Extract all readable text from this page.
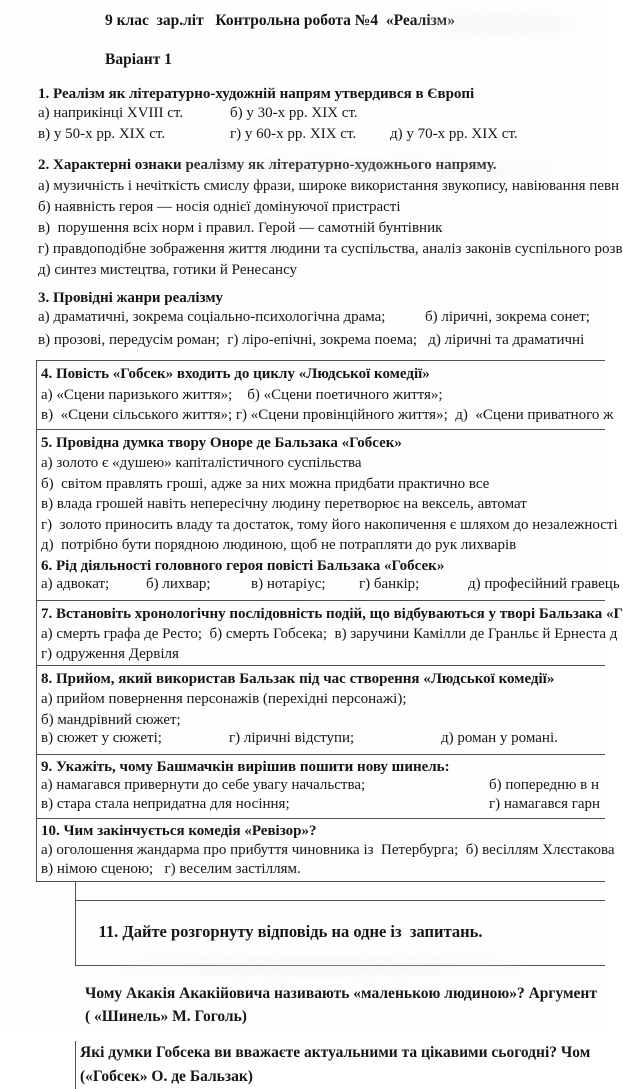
9 клас  зар.літ   Контрольна робота №4  «Реалізм»
Варіант 1
1. Реалізм як літературно-художній напрям утвердився в Європі
а) наприкінці XVIII ст.	б) у 30-х рр. XIX ст.
в) у 50-х рр. XIX ст.	г) у 60-х рр. XIX ст. д) у 70-х рр. XIX ст.
2. Характерні ознаки реалізму як літературно-художнього напряму.
а) музичність і нечіткість смислу фрази, широке використання звукопису, навіювання певн
б) наявність героя — носія однієї домінуючої пристрасті
в)  порушення всіх норм і правил. Герой — самотній бунтівник
г) правдоподібне зображення життя людини та суспільства, аналіз законів суспільного розв
д) синтез мистецтва, готики й Ренесансу
3. Провідні жанри реалізму
а) драматичні, зокрема соціально-психологічна драма;	б) ліричні, зокрема сонет;
в) прозові, передусім роман;  г) ліро-епічні, зокрема поема;   д) ліричні та драматичні
4. Повість «Гобсек» входить до циклу «Людської комедії»
а) «Сцени паризького життя»;    б) «Сцени поетичного життя»;
в)  «Сцени сільського життя»; г) «Сцени провінційного життя»;  д)  «Сцени приватного ж
5. Провідна думка твору Оноре де Бальзака «Гобсек»
а) золото є «душею» капіталістичного суспільства
б)  світом правлять гроші, адже за них можна придбати практично все
в) влада грошей навіть непересічну людину перетворює на вексель, автомат
г)  золото приносить владу та достаток, тому його накопичення є шляхом до незалежності
д)  потрібно бути порядною людиною, щоб не потрапляти до рук лихварів
6. Рід діяльності головного героя повісті Бальзака «Гобсек»
а) адвокат; б) лихвар;	в) нотаріус; г) банкір;	д) професійний гравець
7. Встановіть хронологічну послідовність подій, що відбуваються у творі Бальзака «Г
а) смерть графа де Ресто;  б) смерть Гобсека;  в) заручини Камілли де Гранльє й Ернеста д
г) одруження Дервіля
8. Прийом, який використав Бальзак під час створення «Людської комедії»
а) прийом повернення персонажів (перехідні персонажі);
б) мандрівний сюжет;
в) сюжет у сюжеті;	г) ліричні відступи;	д) роман у романі.
9. Укажіть, чому Башмачкін вирішив пошити нову шинель:
а) намагався привернути до себе увагу начальства;	б) попередню в н
в) стара стала непридатна для носіння;	г) намагався гарн
10. Чим закінчується комедія «Ревізор»?
а) оголошення жандарма про прибуття чиновника із  Петербурга;  б) весіллям Хлєстакова
в) німою сценою;   г) веселим застіллям.

11. Дайте розгорнуту відповідь на одне із  запитань.

Чому Акакія Акакійовича називають «маленькою людиною»? Аргумент
( «Шинель» М. Гоголь)
Які думки Гобсека ви вважаєте актуальними та цікавими сьогодні? Чом
(«Гобсек» О. де Бальзак)
